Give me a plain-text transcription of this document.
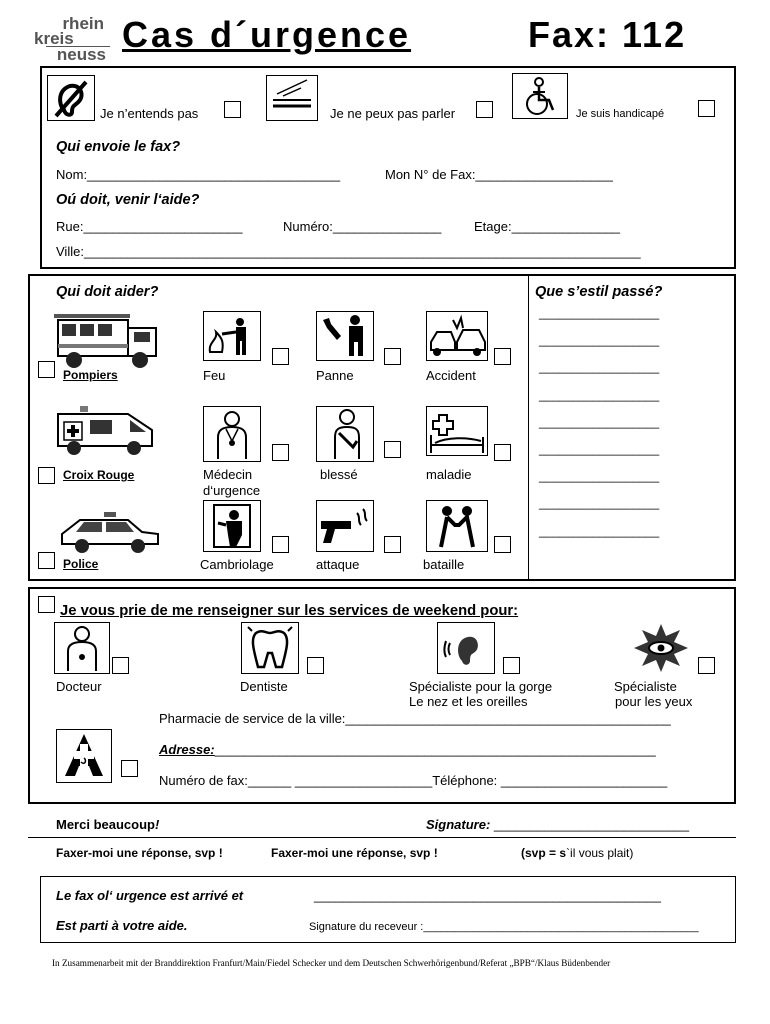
rhein
kreis
neuss Cas d´urgence	Fax: 112
Je n’entends pas	Je ne peux pas parler	Je suis handicapé
Qui envoie le fax?
Nom:___________________________________	Mon N° de Fax:___________________
Oú doit, venir l‘aide?
Rue:______________________	Numéro:_______________	Etage:_______________
Ville:_____________________________________________________________________________
Qui doit aider?	Que s’estil passé?
Pompiers
Croix Rouge
Police
Feu	Panne	Accident
Médecin d‘urgence
blessé	maladie
Cambriolage	attaque	bataille
__________________
__________________
__________________
__________________
__________________
__________________
__________________
__________________
__________________
Je vous prie de me renseigner sur les services de weekend pour:
Docteur	Dentiste	Spécialiste pour la gorge
Le nez et les oreilles
Spécialiste
pour les yeux
Pharmacie de service de la ville:_____________________________________________
Adresse:_____________________________________________________________
Numéro de fax:______ ___________________Téléphone: _______________________
Merci beaucoup!	Signature: ___________________________
Faxer-moi une réponse, svp !	Faxer-moi une réponse, svp !	(svp = s`il vous plait)
Le fax ol‘ urgence est arrivé et	________________________________________________
Est parti à votre aide.	Signature du receveur :_____________________________________________
In Zusammenarbeit mit der Branddirektion Franfurt/Main/Fiedel Schecker und dem Deutschen Schwerhörigenbund/Referat „BPB“/Klaus Büdenbender
